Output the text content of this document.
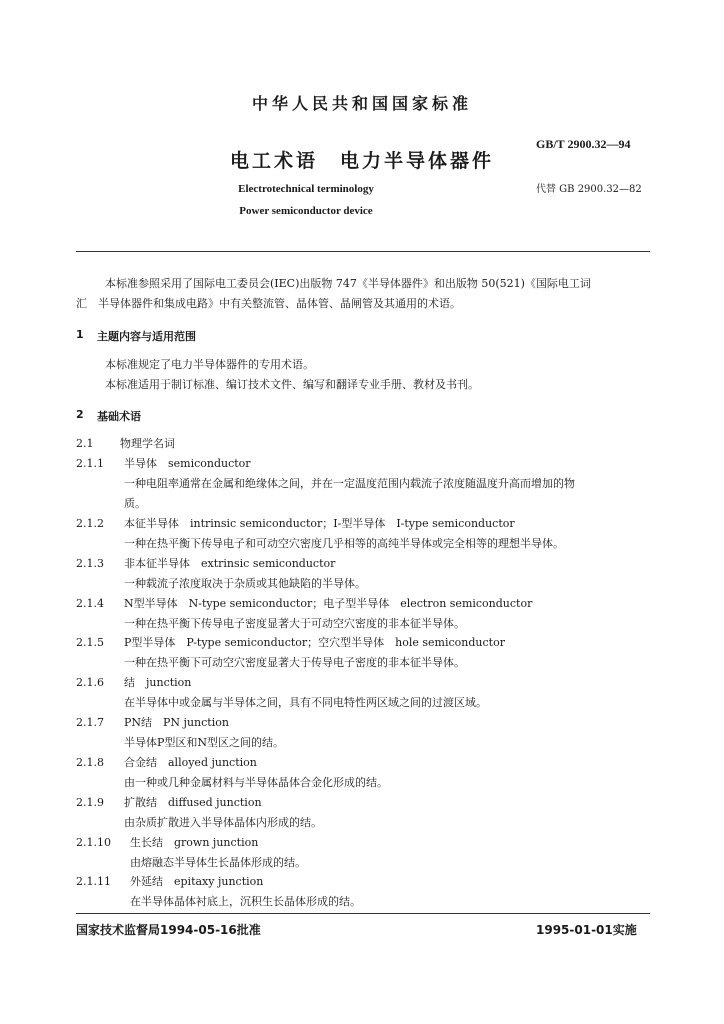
中华人民共和国国家标准
电工术语　电力半导体器件
GB/T 2900.32—94
Electrotechnical terminology
Power semiconductor device
代替 GB 2900.32—82
本标准参照采用了国际电工委员会(IEC)出版物 747《半导体器件》和出版物 50(521)《国际电工词
汇　半导体器件和集成电路》中有关整流管、晶体管、晶闸管及其通用的术语。
1 主题内容与适用范围
本标准规定了电力半导体器件的专用术语。
本标准适用于制订标准、编订技术文件、编写和翻译专业手册、教材及书刊。
2 基础术语
2.1 物理学名词
2.1.1 半导体　semiconductor
一种电阻率通常在金属和绝缘体之间，并在一定温度范围内载流子浓度随温度升高而增加的物
质。
2.1.2 本征半导体　intrinsic semiconductor；I-型半导体　I-type semiconductor
一种在热平衡下传导电子和可动空穴密度几乎相等的高纯半导体或完全相等的理想半导体。
2.1.3 非本征半导体　extrinsic semiconductor
一种载流子浓度取决于杂质或其他缺陷的半导体。
2.1.4 N型半导体　N-type semiconductor；电子型半导体　electron semiconductor
一种在热平衡下传导电子密度显著大于可动空穴密度的非本征半导体。
2.1.5 P型半导体　P-type semiconductor；空穴型半导体　hole semiconductor
一种在热平衡下可动空穴密度显著大于传导电子密度的非本征半导体。
2.1.6 结　junction
在半导体中或金属与半导体之间，具有不同电特性两区域之间的过渡区域。
2.1.7 PN结　PN junction
半导体P型区和N型区之间的结。
2.1.8 合金结　alloyed junction
由一种或几种金属材料与半导体晶体合金化形成的结。
2.1.9 扩散结　diffused junction
由杂质扩散进入半导体晶体内形成的结。
2.1.10 生长结　grown junction
由熔融态半导体生长晶体形成的结。
2.1.11 外延结　epitaxy junction
在半导体晶体衬底上，沉积生长晶体形成的结。
国家技术监督局1994-05-16批准	1995-01-01实施
